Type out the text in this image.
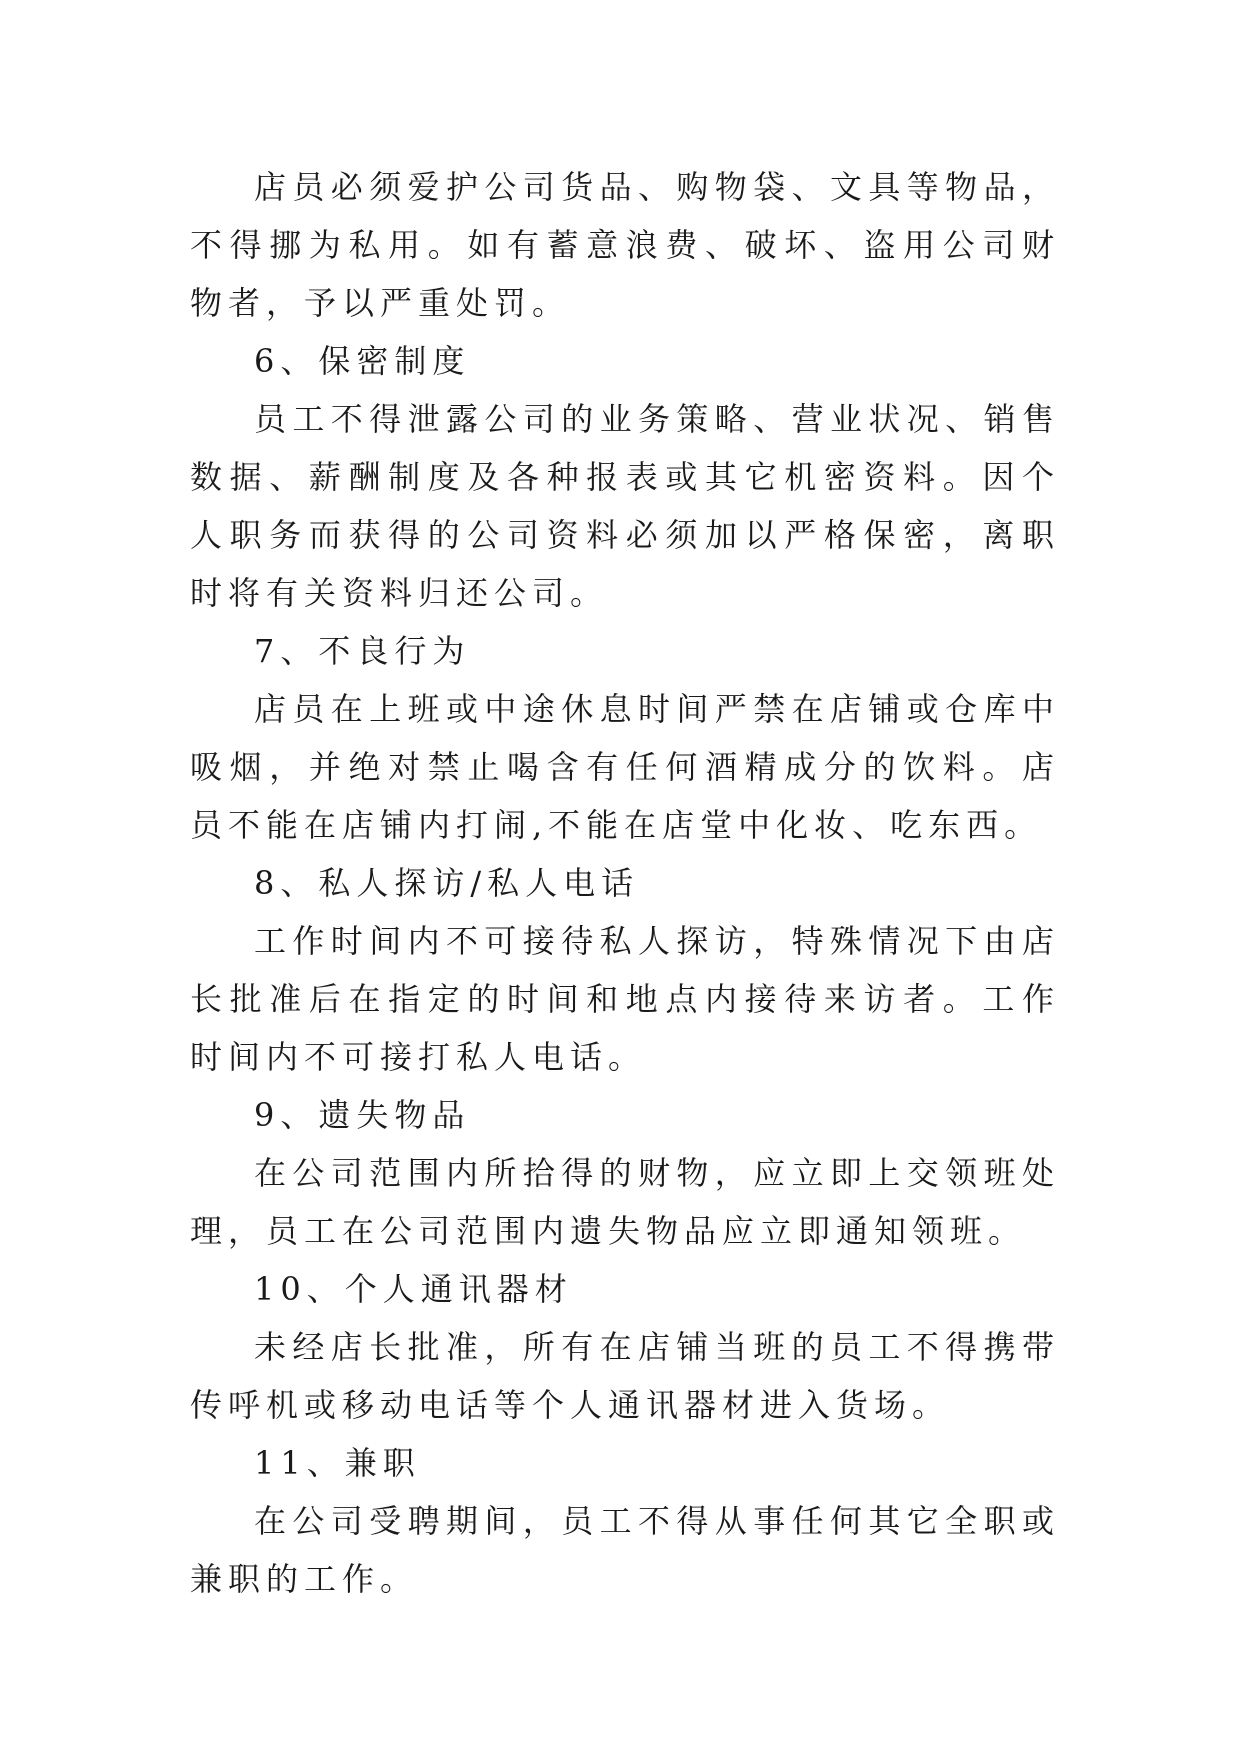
店员必须爱护公司货品、购物袋、文具等物品，不得挪为私用。如有蓄意浪费、破坏、盗用公司财物者，予以严重处罚。

6、保密制度

员工不得泄露公司的业务策略、营业状况、销售数据、薪酬制度及各种报表或其它机密资料。因个人职务而获得的公司资料必须加以严格保密，离职时将有关资料归还公司。

7、不良行为

店员在上班或中途休息时间严禁在店铺或仓库中吸烟，并绝对禁止喝含有任何酒精成分的饮料。店员不能在店铺内打闹,不能在店堂中化妆、吃东西。

8、私人探访/私人电话

工作时间内不可接待私人探访，特殊情况下由店长批准后在指定的时间和地点内接待来访者。工作时间内不可接打私人电话。

9、遗失物品

在公司范围内所拾得的财物，应立即上交领班处理，员工在公司范围内遗失物品应立即通知领班。

10、个人通讯器材

未经店长批准，所有在店铺当班的员工不得携带传呼机或移动电话等个人通讯器材进入货场。

11、兼职

在公司受聘期间，员工不得从事任何其它全职或兼职的工作。
